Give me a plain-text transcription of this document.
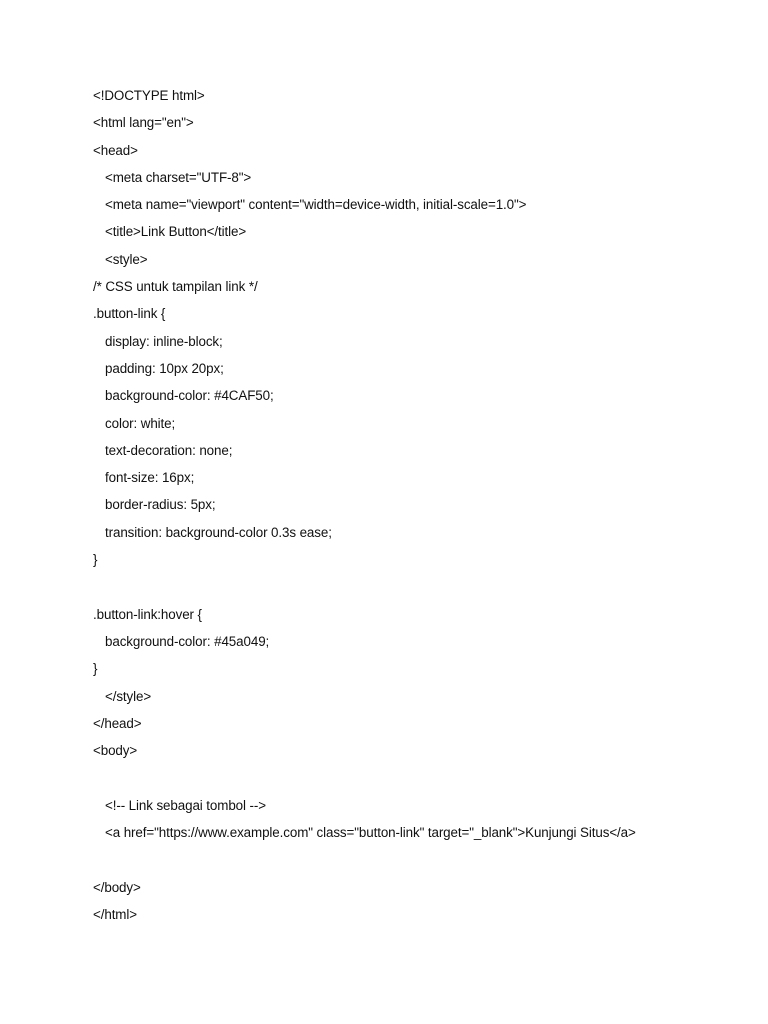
<!DOCTYPE html>
<html lang="en">
<head>
<meta charset="UTF-8">
<meta name="viewport" content="width=device-width, initial-scale=1.0">
<title>Link Button</title>
<style>
/* CSS untuk tampilan link */
.button-link {
display: inline-block;
padding: 10px 20px;
background-color: #4CAF50;
color: white;
text-decoration: none;
font-size: 16px;
border-radius: 5px;
transition: background-color 0.3s ease;
}
.button-link:hover {
background-color: #45a049;
}
</style>
</head>
<body>
<!-- Link sebagai tombol -->
<a href="https://www.example.com" class="button-link" target="_blank">Kunjungi Situs</a>
</body>
</html>
